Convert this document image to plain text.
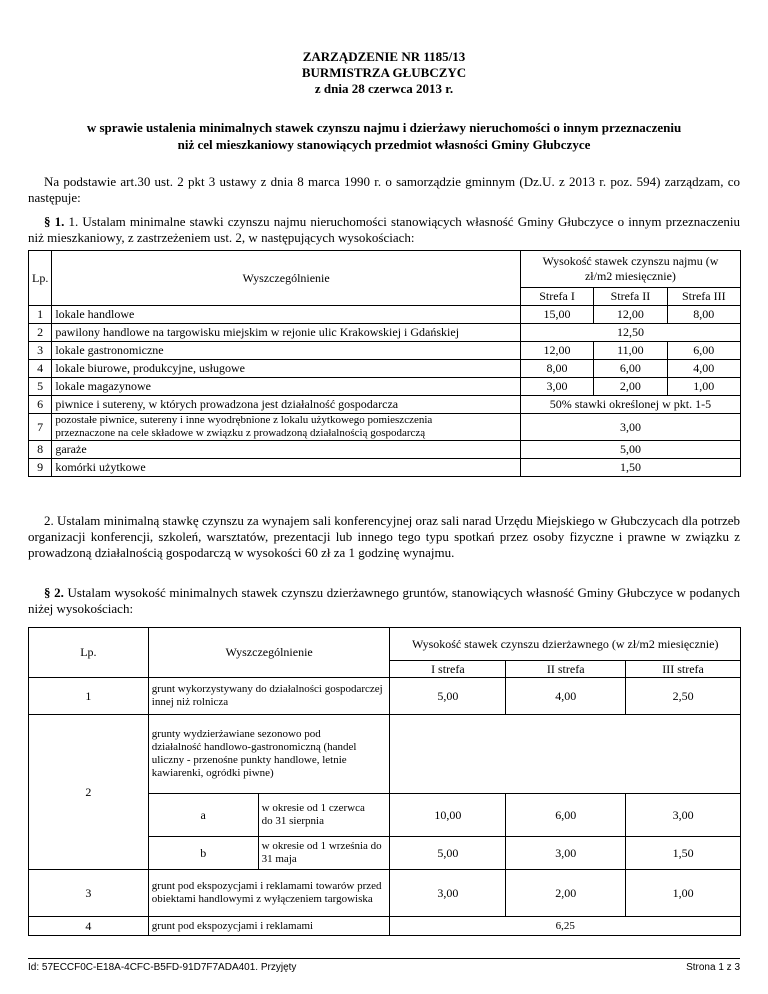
ZARZĄDZENIE NR 1185/13
BURMISTRZA GŁUBCZYC
z dnia 28 czerwca 2013 r.
w sprawie ustalenia minimalnych stawek czynszu najmu i dzierżawy nieruchomości o innym przeznaczeniu
niż cel mieszkaniowy stanowiących przedmiot własności Gminy Głubczyce
Na podstawie art.30 ust. 2 pkt 3 ustawy z dnia 8 marca 1990 r. o samorządzie gminnym (Dz.U. z 2013 r. poz. 594) zarządzam, co następuje:
§ 1. 1. Ustalam minimalne stawki czynszu najmu nieruchomości stanowiących własność Gminy Głubczyce o innym przeznaczeniu niż mieszkaniowy, z zastrzeżeniem ust. 2, w następujących wysokościach:
Lp.	Wyszczególnienie	Wysokość stawek czynszu najmu (w zł/m2 miesięcznie)		
		Strefa I	Strefa II	Strefa III
1	lokale handlowe	15,00	12,00	8,00
2	pawilony handlowe na targowisku miejskim w rejonie ulic Krakowskiej i Gdańskiej	12,50		
3	lokale gastronomiczne	12,00	11,00	6,00
4	lokale biurowe, produkcyjne, usługowe	8,00	6,00	4,00
5	lokale magazynowe	3,00	2,00	1,00
6	piwnice i sutereny, w których prowadzona jest działalność gospodarcza	50% stawki określonej w pkt. 1-5		
7	pozostałe piwnice, sutereny i inne wyodrębnione z lokalu użytkowego pomieszczenia przeznaczone na cele składowe w związku z prowadzoną działalnością gospodarczą	3,00		
8	garaże	5,00		
9	komórki użytkowe	1,50		
2. Ustalam minimalną stawkę czynszu za wynajem sali konferencyjnej oraz sali narad Urzędu Miejskiego w Głubczycach dla potrzeb organizacji konferencji, szkoleń, warsztatów, prezentacji lub innego tego typu spotkań przez osoby fizyczne i prawne w związku z prowadzoną działalnością gospodarczą w wysokości 60 zł za 1 godzinę wynajmu.
§ 2. Ustalam wysokość minimalnych stawek czynszu dzierżawnego gruntów, stanowiących własność Gminy Głubczyce w podanych niżej wysokościach:
Lp.	Wyszczególnienie		Wysokość stawek czynszu dzierżawnego (w zł/m2 miesięcznie)		
			I strefa	II strefa	III strefa
1	grunt wykorzystywany do działalności gospodarczej innej niż rolnicza		5,00	4,00	2,50
2	grunty wydzierżawiane sezonowo pod działalność handlowo-gastronomiczną (handel uliczny - przenośne punkty handlowe, letnie kawiarenki, ogródki piwne)				
	a	w okresie od 1 czerwca do 31 sierpnia	10,00	6,00	3,00
	b	w okresie od 1 września do 31 maja	5,00	3,00	1,50
3	grunt pod ekspozycjami i reklamami towarów przed obiektami handlowymi z wyłączeniem targowiska		3,00	2,00	1,00
4	grunt pod ekspozycjami i reklamami		6,25		
Id: 57ECCF0C-E18A-4CFC-B5FD-91D7F7ADA401. Przyjęty	Strona 1 z 3
